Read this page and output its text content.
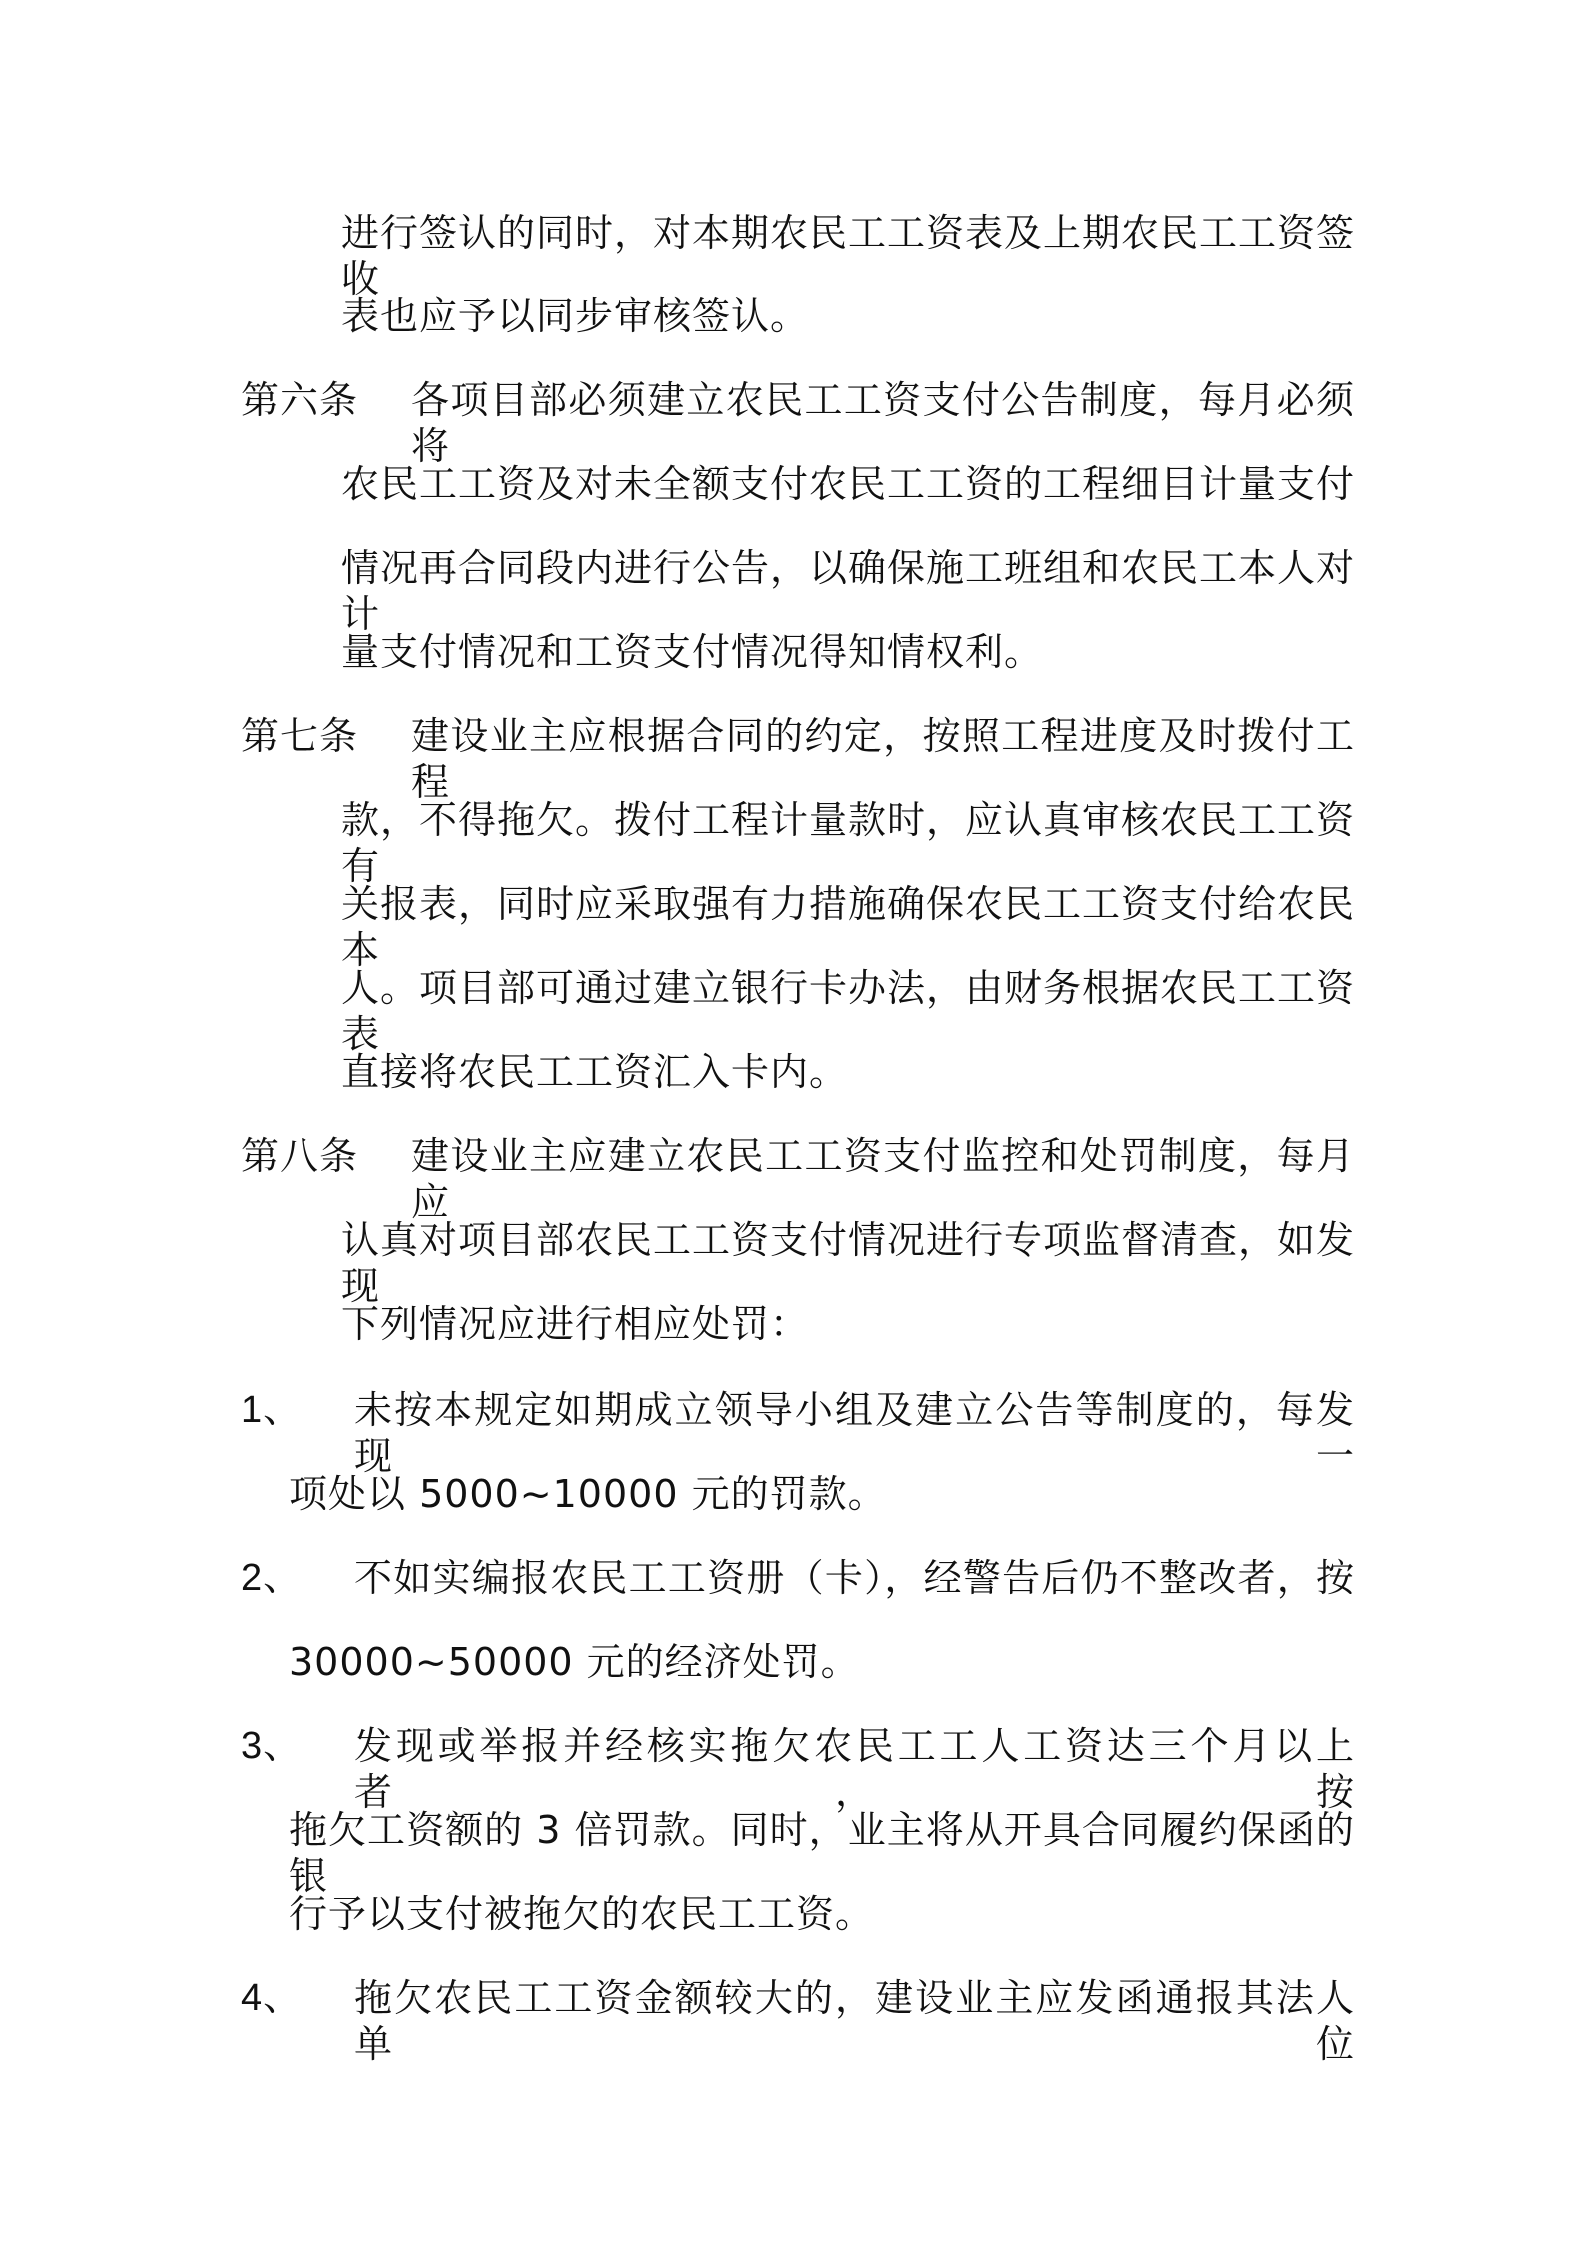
进行签认的同时，对本期农民工工资表及上期农民工工资签收
表也应予以同步审核签认。
第六条 各项目部必须建立农民工工资支付公告制度，每月必须将
农民工工资及对未全额支付农民工工资的工程细目计量支付
情况再合同段内进行公告，以确保施工班组和农民工本人对计
量支付情况和工资支付情况得知情权利。
第七条 建设业主应根据合同的约定，按照工程进度及时拨付工程
款，不得拖欠。拨付工程计量款时，应认真审核农民工工资有
关报表，同时应采取强有力措施确保农民工工资支付给农民本
人。项目部可通过建立银行卡办法，由财务根据农民工工资表
直接将农民工工资汇入卡内。
第八条 建设业主应建立农民工工资支付监控和处罚制度，每月应
认真对项目部农民工工资支付情况进行专项监督清查，如发现
下列情况应进行相应处罚：
1、 未按本规定如期成立领导小组及建立公告等制度的，每发现一
项处以 5000~10000 元的罚款。
2、 不如实编报农民工工资册（卡），经警告后仍不整改者，按
30000~50000 元的经济处罚。
3、 发现或举报并经核实拖欠农民工工人工资达三个月以上者，按
拖欠工资额的 3 倍罚款。同时，业主将从开具合同履约保函的银
行予以支付被拖欠的农民工工资。
4、 拖欠农民工工资金额较大的，建设业主应发函通报其法人单位
